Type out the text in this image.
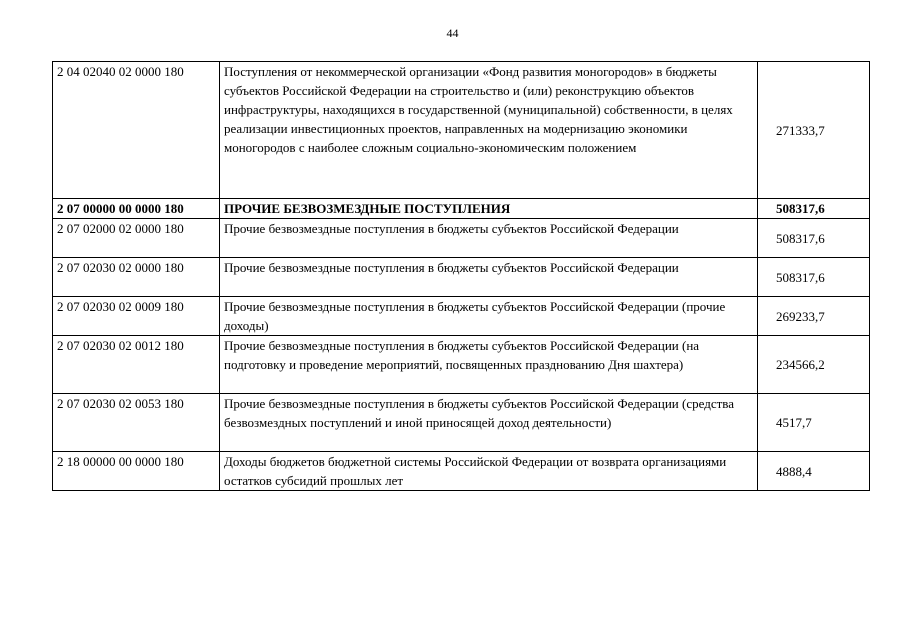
44
2 04 02040 02 0000 180	Поступления от некоммерческой организации «Фонд развития моногородов» в бюджеты субъектов Российской Федерации на строительство и (или) реконструкцию объектов инфраструктуры, находящихся в государственной (муниципальной) собственности, в целях реализации инвестиционных проектов, направленных на модернизацию экономики моногородов с наиболее сложным социально-экономическим положением	271333,7
2 07 00000 00 0000 180	ПРОЧИЕ БЕЗВОЗМЕЗДНЫЕ ПОСТУПЛЕНИЯ	508317,6
2 07 02000 02 0000 180	Прочие безвозмездные поступления в бюджеты субъектов Российской Федерации	508317,6
2 07 02030 02 0000 180	Прочие безвозмездные поступления в бюджеты субъектов Российской Федерации	508317,6
2 07 02030 02 0009 180	Прочие безвозмездные поступления в бюджеты субъектов Российской Федерации (прочие доходы)	269233,7
2 07 02030 02 0012 180	Прочие безвозмездные поступления в бюджеты субъектов Российской Федерации (на подготовку и проведение мероприятий, посвященных празднованию Дня шахтера)	234566,2
2 07 02030 02 0053 180	Прочие безвозмездные поступления в бюджеты субъектов Российской Федерации (средства безвозмездных поступлений и иной приносящей доход деятельности)	4517,7
2 18 00000 00 0000 180	Доходы бюджетов бюджетной системы Российской Федерации от возврата организациями остатков субсидий прошлых лет	4888,4
